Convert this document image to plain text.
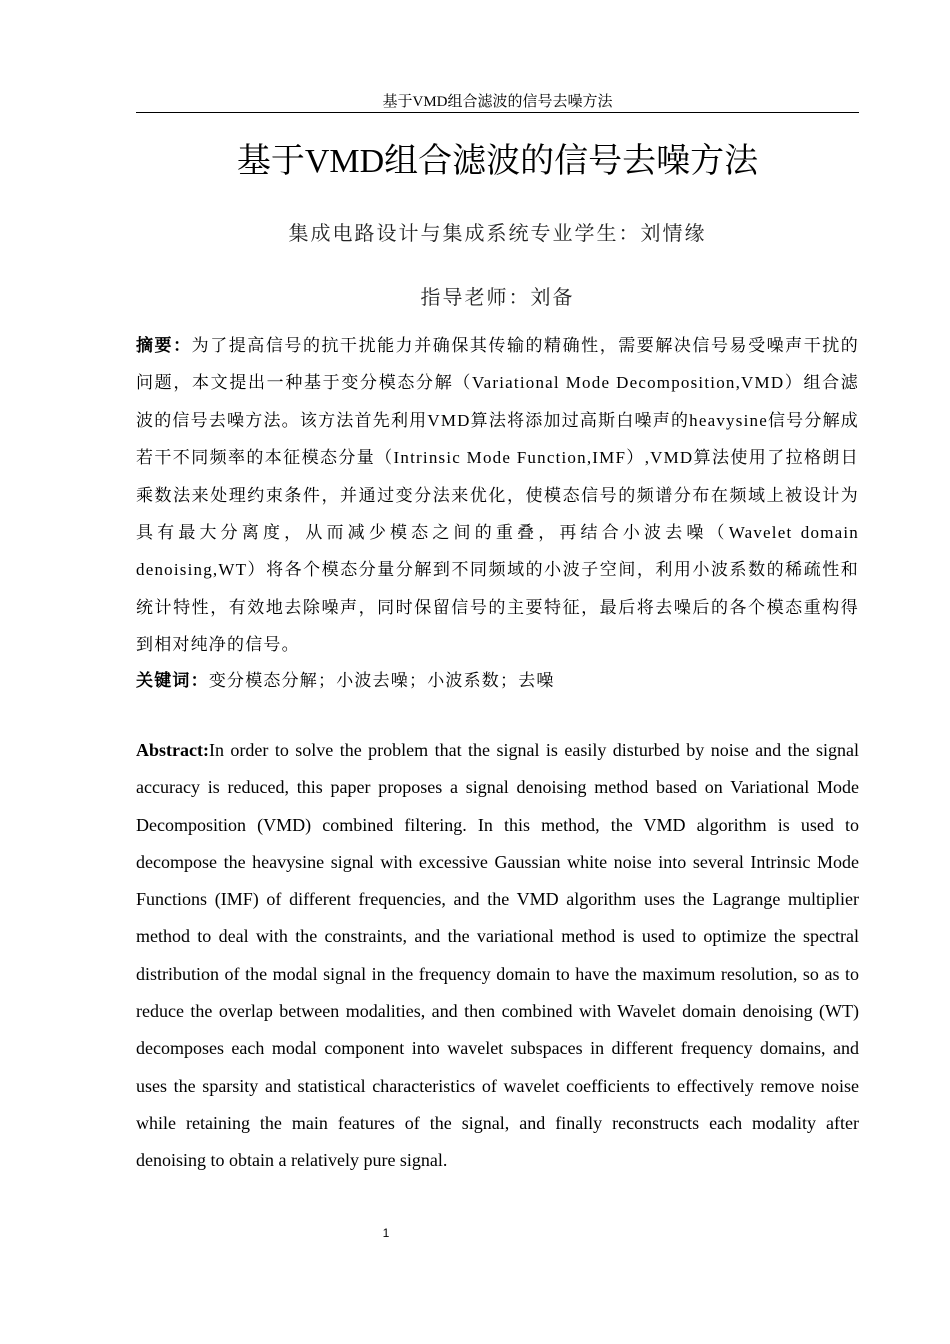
基于VMD组合滤波的信号去噪方法
基于VMD组合滤波的信号去噪方法
集成电路设计与集成系统专业学生：刘情缘
指导老师：刘备
摘要：为了提高信号的抗干扰能力并确保其传输的精确性，需要解决信号易受噪声干扰的问题，本文提出一种基于变分模态分解（Variational Mode Decomposition,VMD）组合滤波的信号去噪方法。该方法首先利用VMD算法将添加过高斯白噪声的heavysine信号分解成若干不同频率的本征模态分量（Intrinsic Mode Function,IMF）,VMD算法使用了拉格朗日乘数法来处理约束条件，并通过变分法来优化，使模态信号的频谱分布在频域上被设计为具有最大分离度，从而减少模态之间的重叠，再结合小波去噪（Wavelet domain denoising,WT）将各个模态分量分解到不同频域的小波子空间，利用小波系数的稀疏性和统计特性，有效地去除噪声，同时保留信号的主要特征，最后将去噪后的各个模态重构得到相对纯净的信号。
关键词：变分模态分解；小波去噪；小波系数；去噪
Abstract:In order to solve the problem that the signal is easily disturbed by noise and the signal accuracy is reduced, this paper proposes a signal denoising method based on Variational Mode Decomposition (VMD) combined filtering. In this method, the VMD algorithm is used to decompose the heavysine signal with excessive Gaussian white noise into several Intrinsic Mode Functions (IMF) of different frequencies, and the VMD algorithm uses the Lagrange multiplier method to deal with the constraints, and the variational method is used to optimize the spectral distribution of the modal signal in the frequency domain to have the maximum resolution, so as to reduce the overlap between modalities, and then combined with Wavelet domain denoising (WT) decomposes each modal component into wavelet subspaces in different frequency domains, and uses the sparsity and statistical characteristics of wavelet coefficients to effectively remove noise while retaining the main features of the signal, and finally reconstructs each modality after denoising to obtain a relatively pure signal.
1
